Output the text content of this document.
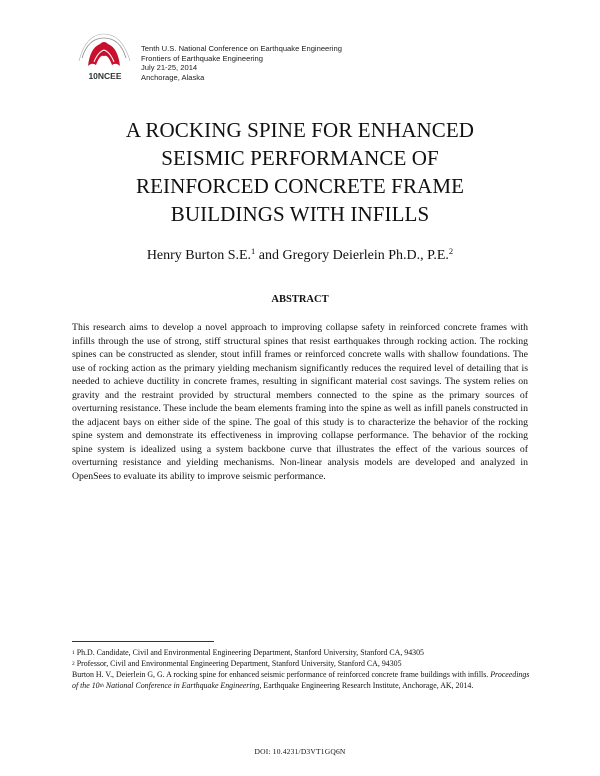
10NCEE
Tenth U.S. National Conference on Earthquake Engineering
Frontiers of Earthquake Engineering
July 21-25, 2014
Anchorage, Alaska
A ROCKING SPINE FOR ENHANCED
SEISMIC PERFORMANCE OF
REINFORCED CONCRETE FRAME
BUILDINGS WITH INFILLS
Henry Burton S.E.$^1$ and Gregory Deierlein Ph.D., P.E.$^2$
ABSTRACT
This research aims to develop a novel approach to improving collapse safety in reinforced concrete frames with infills through the use of strong, stiff structural spines that resist earthquakes through rocking action. The rocking spines can be constructed as slender, stout infill frames or reinforced concrete walls with shallow foundations. The use of rocking action as the primary yielding mechanism significantly reduces the required level of detailing that is needed to achieve ductility in concrete frames, resulting in significant material cost savings. The system relies on gravity and the restraint provided by structural members connected to the spine as the primary sources of overturning resistance. These include the beam elements framing into the spine as well as infill panels constructed in the adjacent bays on either side of the spine. The goal of this study is to characterize the behavior of the rocking spine system and demonstrate its effectiveness in improving collapse performance. The behavior of the rocking spine system is idealized using a system backbone curve that illustrates the effect of the various sources of overturning resistance and yielding mechanisms. Non-linear analysis models are developed and analyzed in OpenSees to evaluate its ability to improve seismic performance.
$^1$ Ph.D. Candidate, Civil and Environmental Engineering Department, Stanford University, Stanford CA, 94305
$^2$ Professor, Civil and Environmental Engineering Department, Stanford University, Stanford CA, 94305
Burton H. V., Deierlein G, G. A rocking spine for enhanced seismic performance of reinforced concrete frame buildings with infills. Proceedings of the 10th National Conference in Earthquake Engineering, Earthquake Engineering Research Institute, Anchorage, AK, 2014.
DOI: 10.4231/D3VT1GQ6N
